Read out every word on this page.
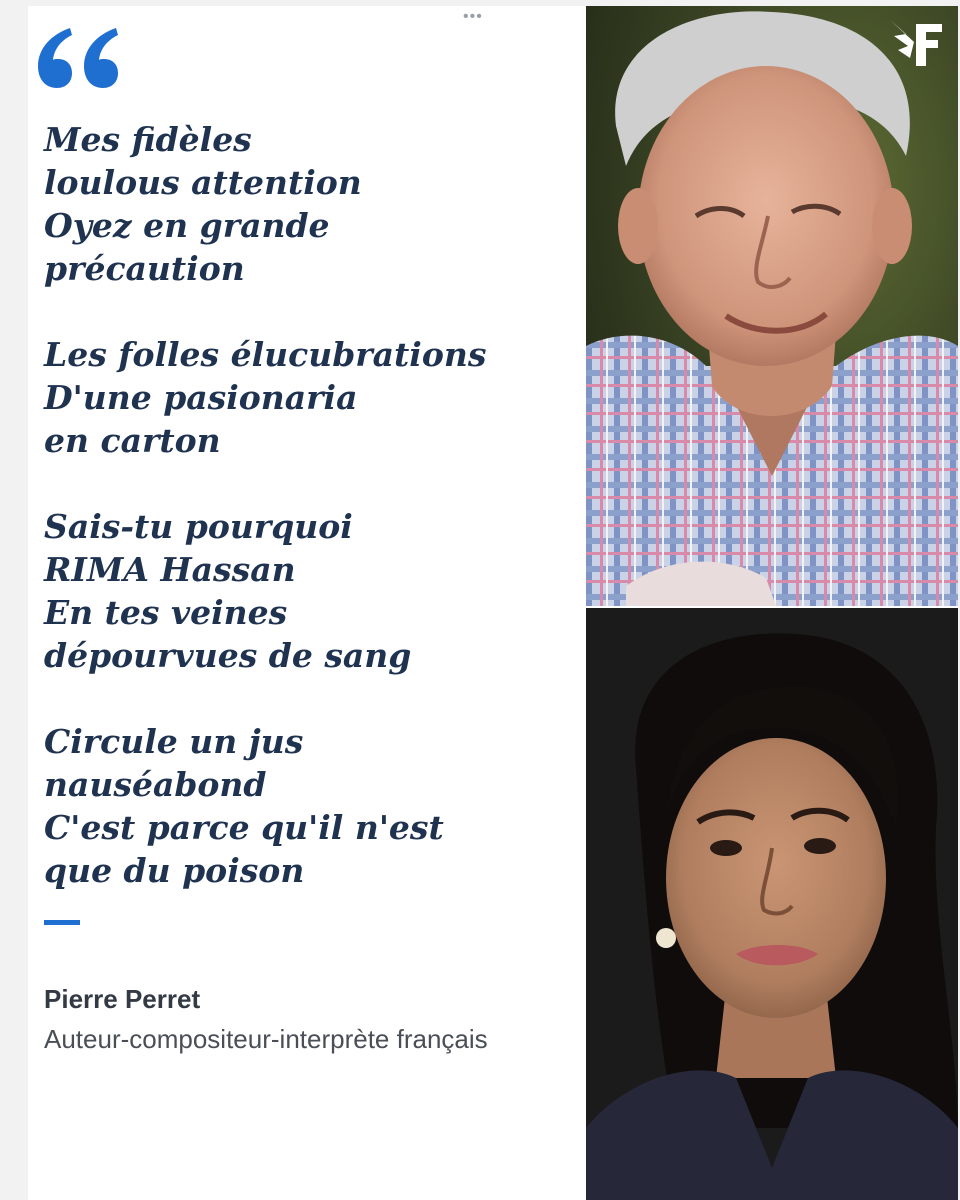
•••
Mes fidèles
loulous attention
Oyez en grande
précaution
Les folles élucubrations
D'une pasionaria
en carton
Sais-tu pourquoi
RIMA Hassan
En tes veines
dépourvues de sang
Circule un jus
nauséabond
C'est parce qu'il n'est
que du poison
Pierre Perret
Auteur-compositeur-interprète français
